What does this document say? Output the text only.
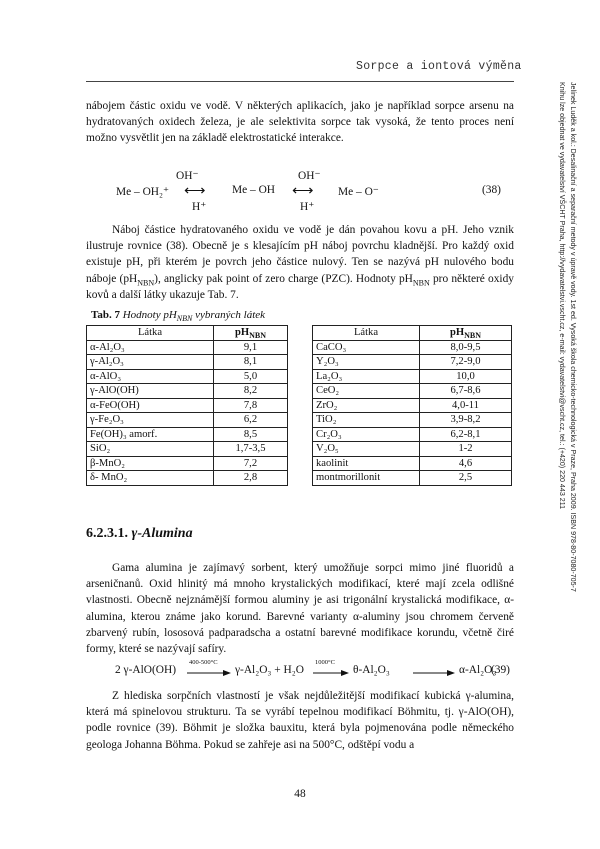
Sorpce a iontová výměna
Jelínek Luděk a kol.: Desalinační a separační metody v úpravě vody. 1st ed. Vysoká škola chemicko-technologická v Praze, Praha 2009. ISBN 978-80-7080-705-7
Knihu lze objednat ve vydavatelství VŠCHT Praha, http://vydavatelstvi.vscht.cz, e-mail: vydavatelstvi@vscht.cz, tel.: (+420) 220 443 211

nábojem částic oxidu ve vodě. V některých aplikacích, jako je například sorpce arsenu na hydratovaných oxidech železa, je ale selektivita sorpce tak vysoká, že tento proces není možno vysvětlit jen na základě elektrostatické interakce.

OH⁻	OH⁻
Me – OH₂⁺ ⟷ Me – OH ⟷ Me – O⁻	(38)
H⁺	H⁺

Náboj částice hydratovaného oxidu ve vodě je dán povahou kovu a pH. Jeho vznik ilustruje rovnice (38). Obecně je s klesajícím pH náboj povrchu kladnější. Pro každý oxid existuje pH, při kterém je povrch jeho částice nulový. Ten se nazývá pH nulového bodu náboje $(pH_{NBN})$, anglicky pak point of zero charge (PZC). Hodnoty $pH_{NBN}$ pro některé oxidy kovů a další látky ukazuje Tab. 7.

Tab. 7 Hodnoty $pH_{NBN}$ vybraných látek
Látka	$pH_{NBN}$
α-Al₂O₃	9,1
γ-Al₂O₃	8,1
α-AlO₃	5,0
γ-AlO(OH)	8,2
α-FeO(OH)	7,8
γ-Fe₂O₃	6,2
Fe(OH)₃ amorf.	8,5
SiO₂	1,7-3,5
β-MnO₂	7,2
δ- MnO₂	2,8
Látka	$pH_{NBN}$
CaCO₃	8,0-9,5
Y₂O₃	7,2-9,0
La₂O₃	10,0
CeO₂	6,7-8,6
ZrO₂	4,0-11
TiO₂	3,9-8,2
Cr₂O₃	6,2-8,1
V₂O₅	1-2
kaolinit	4,6
montmorillonit	2,5
6.2.3.1. γ-Alumina

Gama alumina je zajímavý sorbent, který umožňuje sorpci mimo jiné fluoridů a arseničnanů. Oxid hlinitý má mnoho krystalických modifikací, které mají zcela odlišné vlastnosti. Obecně nejznámější formou aluminy je asi trigonální krystalická modifikace, α-alumina, kterou známe jako korund. Barevné varianty α-aluminy jsou chromem červeně zbarvený rubín, lososová padparadscha a ostatní barevné modifikace korundu, včetně čiré formy, které se nazývají safíry.

2 γ-AlO(OH)
400-500°C
γ-Al₂O₃ + H₂O
1000°C
θ-Al₂O₃	α-Al₂O₃
(39)

Z hlediska sorpčních vlastností je však nejdůležitější modifikací kubická γ-alumina, která má spinelovou strukturu. Ta se vyrábí tepelnou modifikací Böhmitu, tj. γ-AlO(OH), podle rovnice (39). Böhmit je složka bauxitu, která byla pojmenována podle německého geologa Johanna Böhma. Pokud se zahřeje asi na 500°C, odštěpí vodu a

48
